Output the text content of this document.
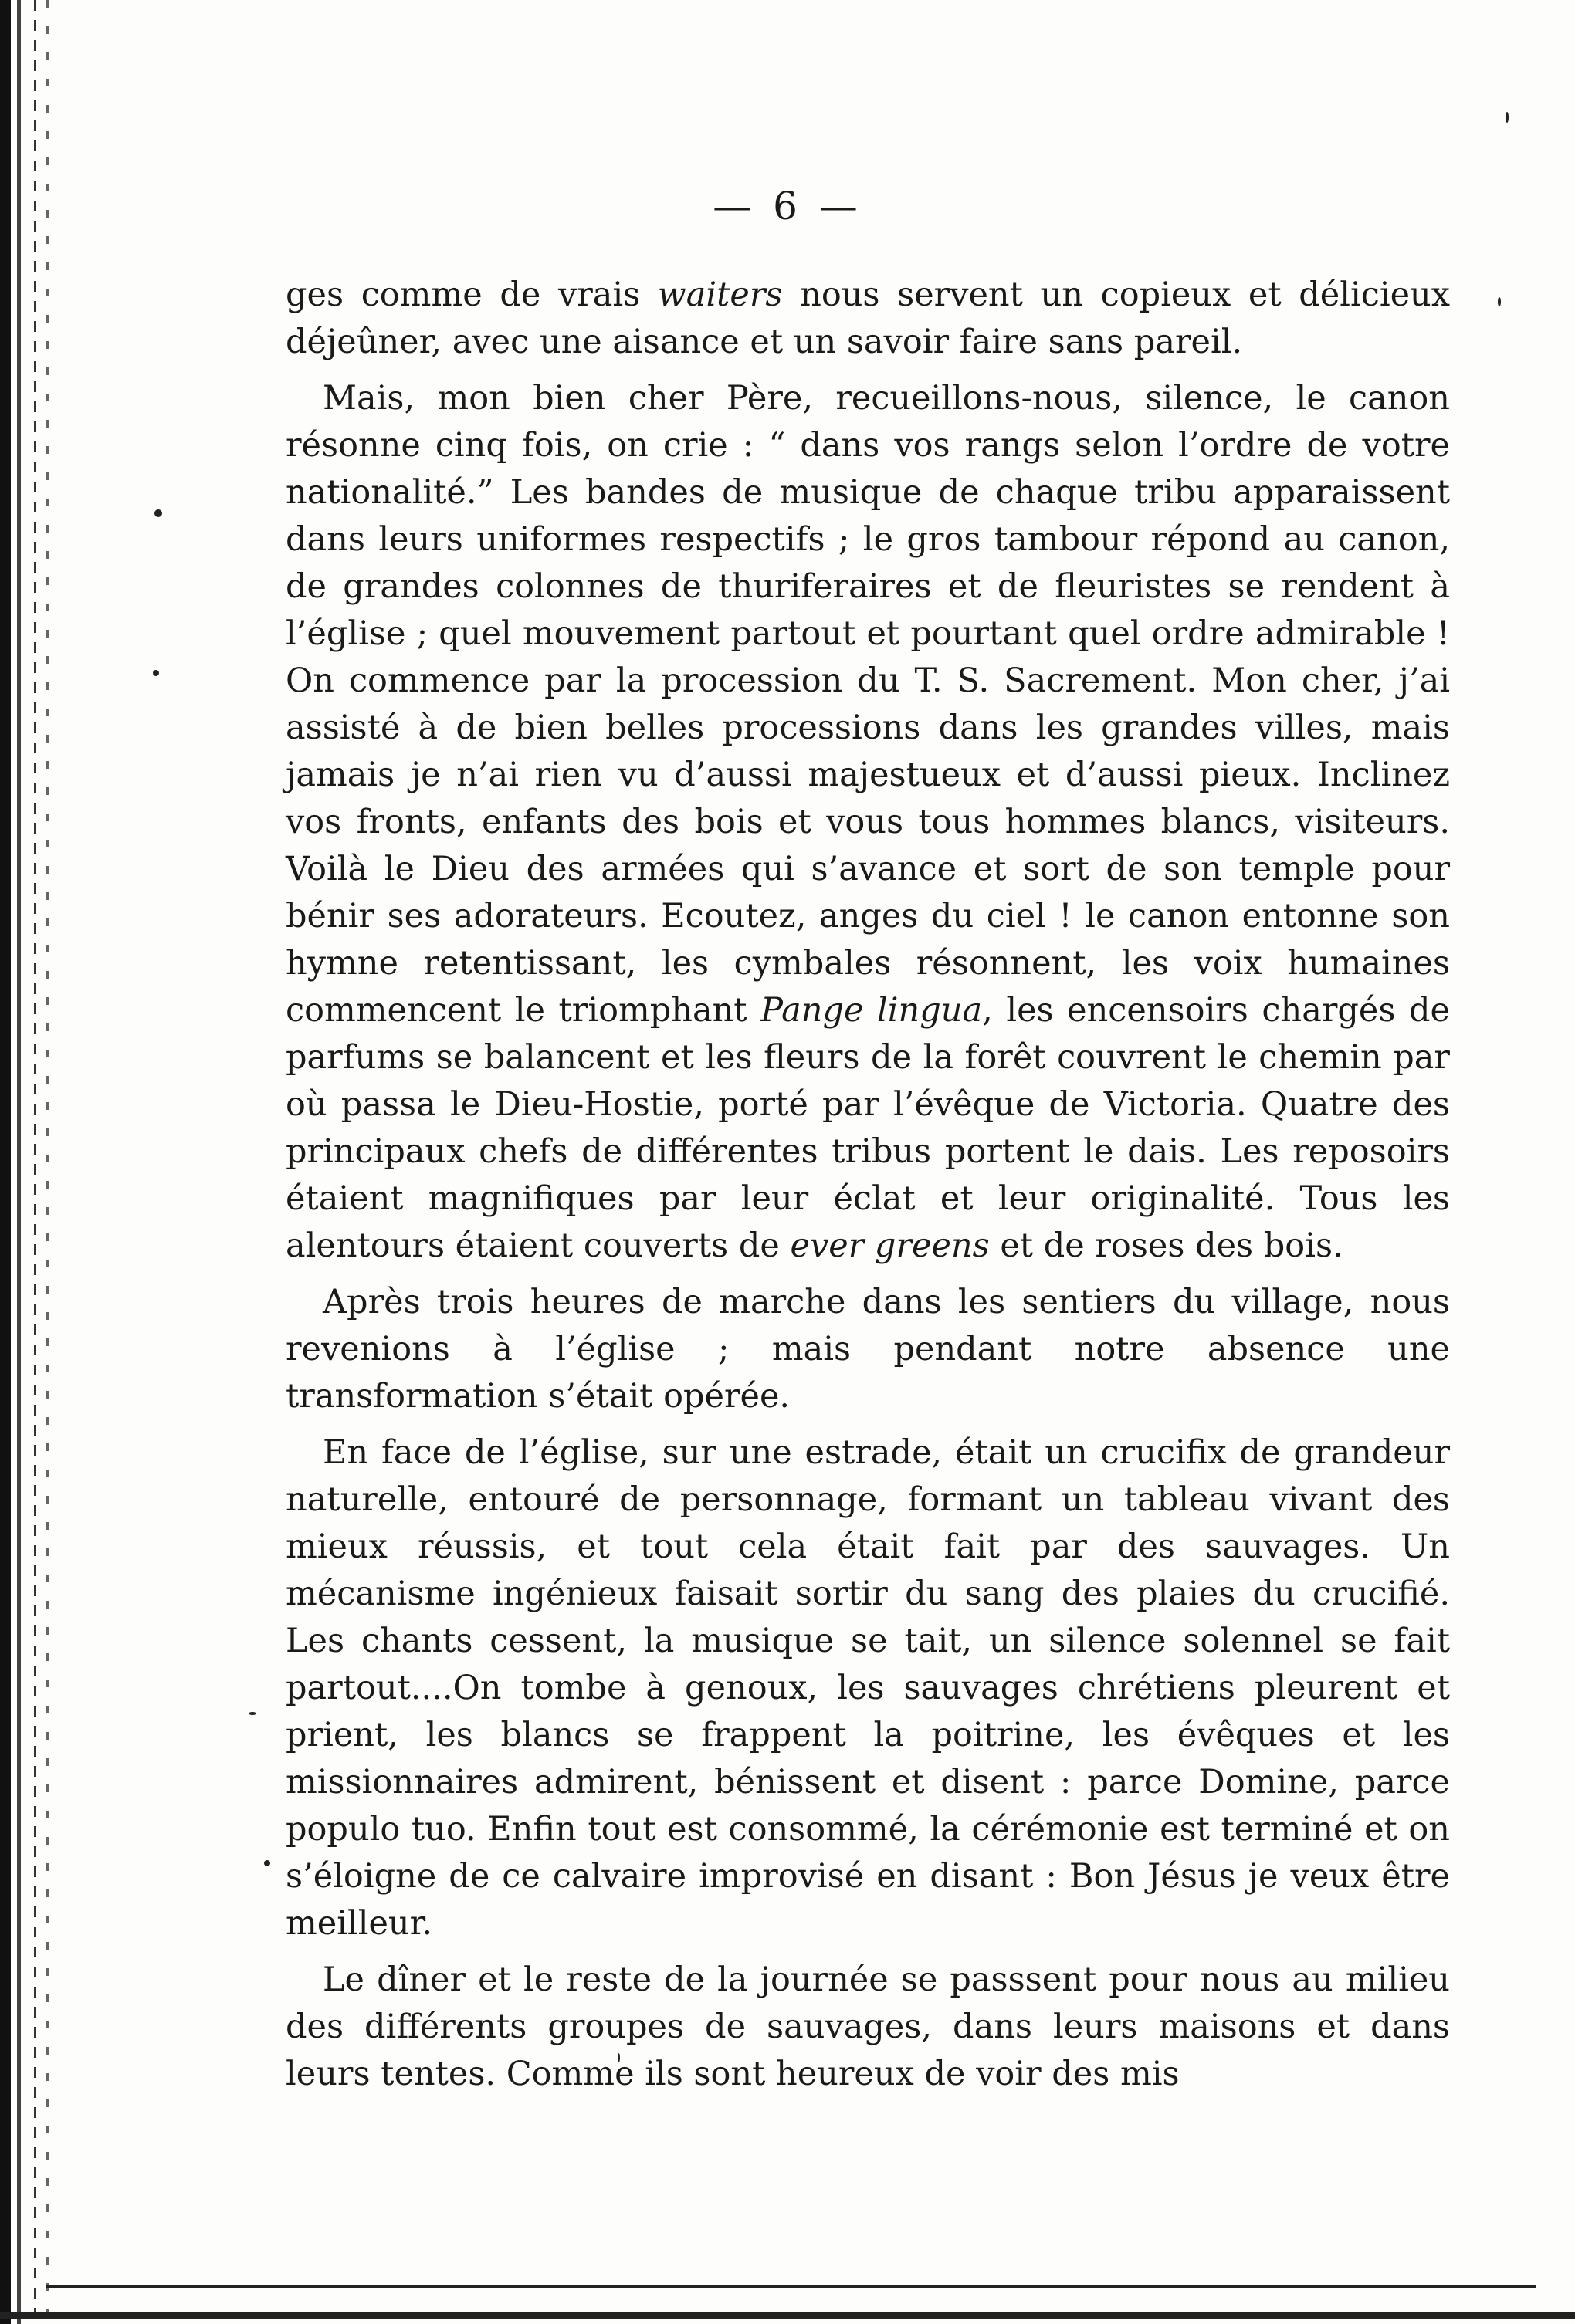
— 6 —

ges comme de vrais waiters nous servent un copieux et délicieux déjeûner, avec une aisance et un savoir faire sans pareil.

Mais, mon bien cher Père, recueillons-nous, silence, le canon résonne cinq fois, on crie : “ dans vos rangs selon l’ordre de votre nationalité.” Les bandes de musique de chaque tribu apparaissent dans leurs uniformes respectifs ; le gros tambour répond au canon, de grandes colonnes de thuriferaires et de fleuristes se rendent à l’église ; quel mouvement partout et pourtant quel ordre admirable ! On commence par la procession du T. S. Sacrement. Mon cher, j’ai assisté à de bien belles processions dans les grandes villes, mais jamais je n’ai rien vu d’aussi majestueux et d’aussi pieux. Inclinez vos fronts, enfants des bois et vous tous hommes blancs, visiteurs. Voilà le Dieu des armées qui s’avance et sort de son temple pour bénir ses adorateurs. Ecoutez, anges du ciel ! le canon entonne son hymne retentissant, les cymbales résonnent, les voix humaines commencent le triomphant Pange lingua, les encensoirs chargés de parfums se balancent et les fleurs de la forêt couvrent le chemin par où passa le Dieu-Hostie, porté par l’évêque de Victoria. Quatre des principaux chefs de différentes tribus portent le dais. Les reposoirs étaient magnifiques par leur éclat et leur originalité. Tous les alentours étaient couverts de ever greens et de roses des bois.

Après trois heures de marche dans les sentiers du village, nous revenions à l’église ; mais pendant notre absence une transformation s’était opérée.

En face de l’église, sur une estrade, était un crucifix de grandeur naturelle, entouré de personnage, formant un tableau vivant des mieux réussis, et tout cela était fait par des sauvages. Un mécanisme ingénieux faisait sortir du sang des plaies du crucifié. Les chants cessent, la musique se tait, un silence solennel se fait partout....On tombe à genoux, les sauvages chrétiens pleurent et prient, les blancs se frappent la poitrine, les évêques et les missionnaires admirent, bénissent et disent : parce Domine, parce populo tuo. Enfin tout est consommé, la cérémonie est terminé et on s’éloigne de ce calvaire improvisé en disant : Bon Jésus je veux être meilleur.

Le dîner et le reste de la journée se passsent pour nous au milieu des différents groupes de sauvages, dans leurs maisons et dans leurs tentes. Comme ils sont heureux de voir des mis
